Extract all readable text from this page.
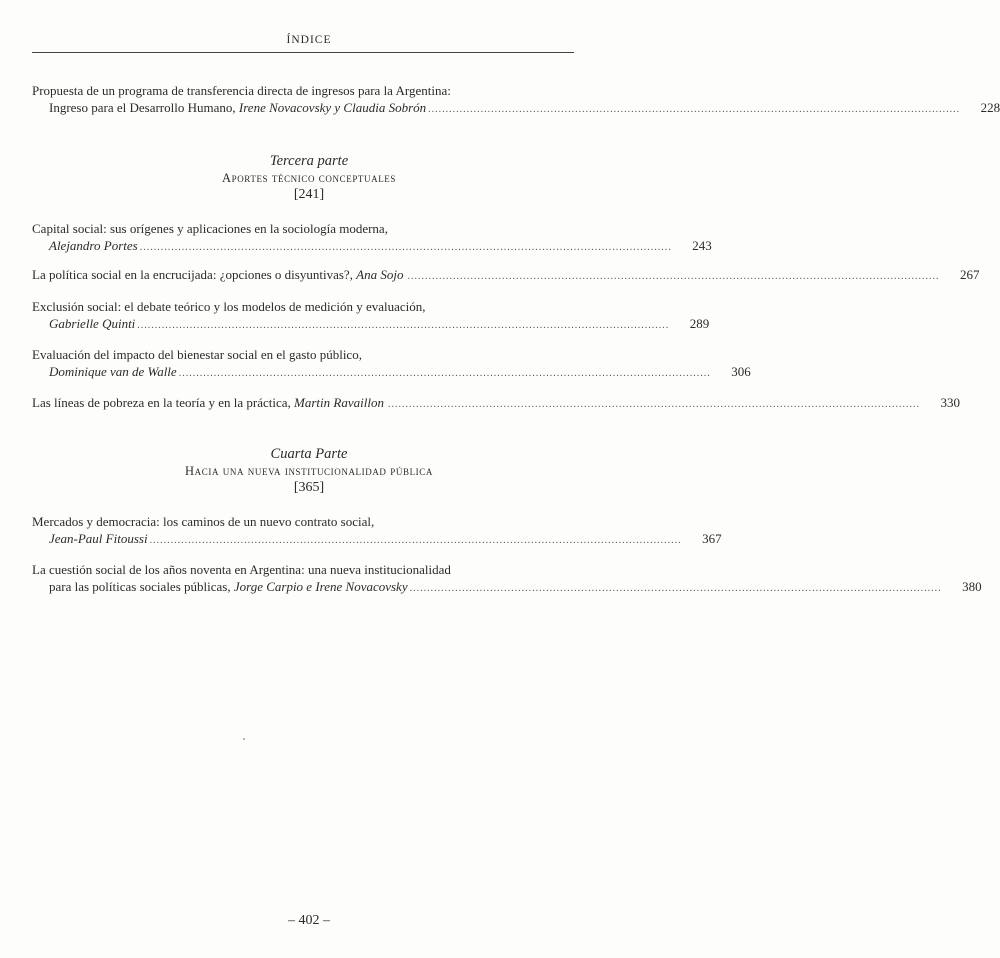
ÍNDICE
Propuesta de un programa de transferencia directa de ingresos para la Argentina:
Ingreso para el Desarrollo Humano, Irene Novacovsky y Claudia Sobrón ........................................................................................................................................................	228
Tercera parte
Aportes técnico conceptuales
[241]
Capital social: sus orígenes y aplicaciones en la sociología moderna,
Alejandro Portes ........................................................................................................................................................	243
La política social en la encrucijada: ¿opciones o disyuntivas?, Ana Sojo ........................................................................................................................................................	267
Exclusión social: el debate teórico y los modelos de medición y evaluación,
Gabrielle Quinti ........................................................................................................................................................	289
Evaluación del impacto del bienestar social en el gasto público,
Dominique van de Walle ........................................................................................................................................................	306
Las líneas de pobreza en la teoría y en la práctica, Martin Ravaillon ........................................................................................................................................................	330
Cuarta Parte
Hacia una nueva institucionalidad pública
[365]
Mercados y democracia: los caminos de un nuevo contrato social,
Jean-Paul Fitoussi ........................................................................................................................................................	367
La cuestión social de los años noventa en Argentina: una nueva institucionalidad
para las políticas sociales públicas, Jorge Carpio e Irene Novacovsky ........................................................................................................................................................	380
– 402 –
